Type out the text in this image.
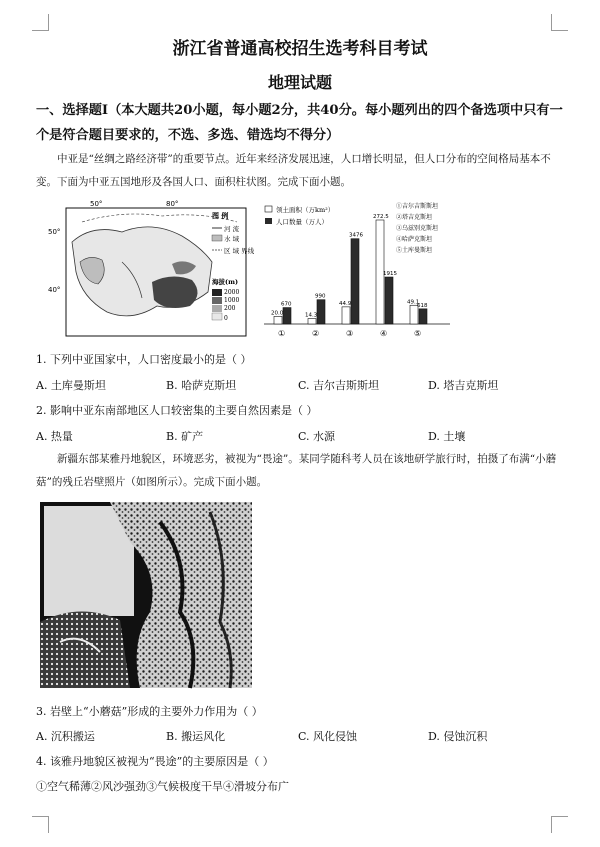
浙江省普通高校招生选考科目考试
地理试题
一、选择题Ⅰ（本大题共20小题，每小题2分，共40分。每小题列出的四个备选项中只有一个是符合题目要求的，不选、多选、错选均不得分）
中亚是“丝绸之路经济带”的重要节点。近年来经济发展迅速，人口增长明显，但人口分布的空间格局基本不变。下面为中亚五国地形及各国人口、面积柱状图。完成下面小题。
50°	80°
50°
40°
图 例
河 流
水 域
区 域 界线
海拔(m)
2000
1000
200
0
领土面积（万km²）
人口数量（万人）
①吉尔吉斯斯坦
②塔吉克斯坦
③乌兹别克斯坦
④哈萨克斯坦
⑤土库曼斯坦
20.0
670
①
14.3
990
②
44.9
3476
③
272.5
1915
④
49.1
618
⑤
1. 下列中亚国家中，人口密度最小的是（ ）
A. 土库曼斯坦	B. 哈萨克斯坦	C. 吉尔吉斯斯坦	D. 塔吉克斯坦
2. 影响中亚东南部地区人口较密集的主要自然因素是（ ）
A. 热量	B. 矿产	C. 水源	D. 土壤
新疆东部某雅丹地貌区，环境恶劣，被视为“畏途”。某同学随科考人员在该地研学旅行时，拍摄了布满“小蘑菇”的残丘岩壁照片（如图所示）。完成下面小题。
3. 岩壁上“小蘑菇”形成的主要外力作用为（ ）
A. 沉积搬运	B. 搬运风化	C. 风化侵蚀	D. 侵蚀沉积
4. 该雅丹地貌区被视为“畏途”的主要原因是（ ）
①空气稀薄②风沙强劲③气候极度干旱④滑坡分布广
